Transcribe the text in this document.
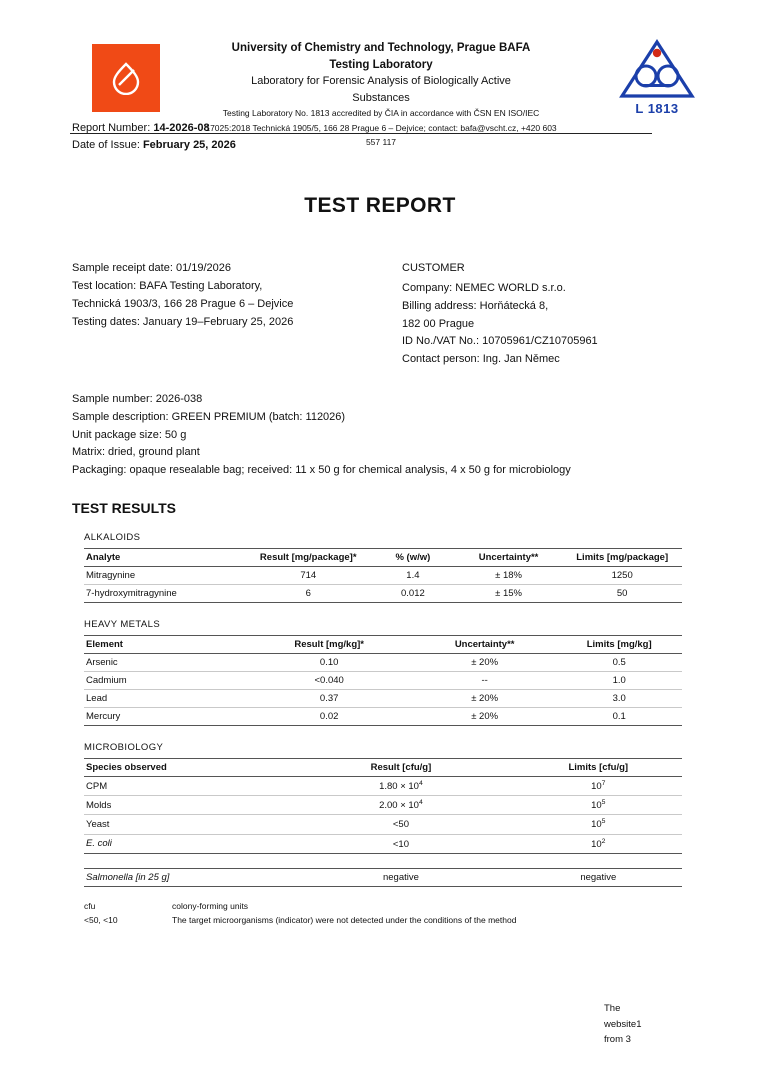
University of Chemistry and Technology, Prague BAFA
Testing Laboratory
Laboratory for Forensic Analysis of Biologically Active
Substances
Testing Laboratory No. 1813 accredited by ČIA in accordance with ČSN EN ISO/IEC
17025:2018 Technická 1905/5, 166 28 Prague 6 – Dejvice; contact: bafa@vscht.cz, +420 603
557 117
L 1813
Report Number: 14-2026-08
Date of Issue: February 25, 2026
TEST REPORT
Sample receipt date: 01/19/2026
Test location: BAFA Testing Laboratory,
Technická 1903/3, 166 28 Prague 6 – Dejvice
Testing dates: January 19–February 25, 2026
CUSTOMER
Company: NEMEC WORLD s.r.o.
Billing address: Horňátecká 8,
182 00 Prague
ID No./VAT No.: 10705961/CZ10705961
Contact person: Ing. Jan Němec
Sample number: 2026-038
Sample description: GREEN PREMIUM (batch: 112026)
Unit package size: 50 g
Matrix: dried, ground plant
Packaging: opaque resealable bag; received: 11 x 50 g for chemical analysis, 4 x 50 g for microbiology
TEST RESULTS
ALKALOIDS
Analyte	Result [mg/package]*	% (w/w)	Uncertainty**	Limits [mg/package]
Mitragynine	714	1.4	± 18%	1250
7-hydroxymitragynine	6	0.012	± 15%	50
HEAVY METALS
Element	Result [mg/kg]*	Uncertainty**	Limits [mg/kg]
Arsenic	0.10	± 20%	0.5
Cadmium	<0.040	--	1.0
Lead	0.37	± 20%	3.0
Mercury	0.02	± 20%	0.1
MICROBIOLOGY
Species observed	Result [cfu/g]	Limits [cfu/g]
CPM	$1.80 \times 10^4$	$10^7$
Molds	$2.00 \times 10^4$	$10^5$
Yeast	<50	$10^5$
E. coli	<10	$10^2$
Salmonella [in 25 g]	negative	negative
cfu	colony-forming units
<50, <10	The target microorganisms (indicator) were not detected under the conditions of the method
The
website1
from 3
